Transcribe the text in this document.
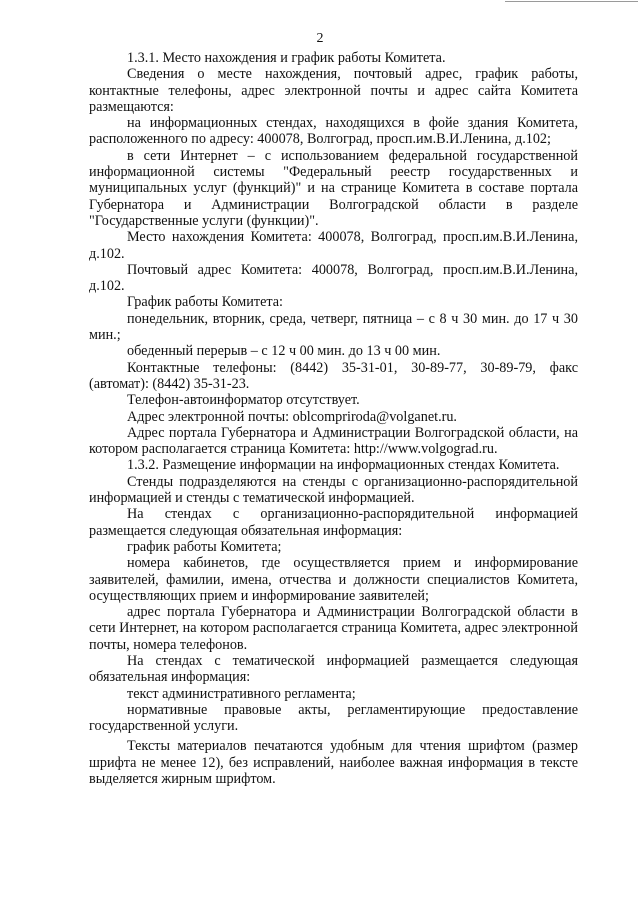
2

1.3.1. Место нахождения и график работы Комитета.

Сведения о месте нахождения, почтовый адрес, график работы, контактные телефоны, адрес электронной почты и адрес сайта Комитета размещаются:

на информационных стендах, находящихся в фойе здания Комитета, расположенного по адресу: 400078, Волгоград, просп.им.В.И.Ленина, д.102;

в сети Интернет – с использованием федеральной государственной информационной системы "Федеральный реестр государственных и муниципальных услуг (функций)" и на странице Комитета в составе портала Губернатора и Администрации Волгоградской области в разделе "Государственные услуги (функции)".

Место нахождения Комитета: 400078, Волгоград, просп.им.В.И.Ленина, д.102.

Почтовый адрес Комитета: 400078, Волгоград, просп.им.В.И.Ленина, д.102.

График работы Комитета:

понедельник, вторник, среда, четверг, пятница – с 8 ч 30 мин. до 17 ч 30 мин.;

обеденный перерыв – с 12 ч 00 мин. до 13 ч 00 мин.

Контактные телефоны: (8442) 35-31-01, 30-89-77, 30-89-79, факс (автомат): (8442) 35-31-23.

Телефон-автоинформатор отсутствует.

Адрес электронной почты: oblcompriroda@volganet.ru.

Адрес портала Губернатора и Администрации Волгоградской области, на котором располагается страница Комитета: http://www.volgograd.ru.

1.3.2. Размещение информации на информационных стендах Комитета.

Стенды подразделяются на стенды с организационно-распорядительной информацией и стенды с тематической информацией.

На стендах с организационно-распорядительной информацией размещается следующая обязательная информация:

график работы Комитета;

номера кабинетов, где осуществляется прием и информирование заявителей, фамилии, имена, отчества и должности специалистов Комитета, осуществляющих прием и информирование заявителей;

адрес портала Губернатора и Администрации Волгоградской области в сети Интернет, на котором располагается страница Комитета, адрес электронной почты, номера телефонов.

На стендах с тематической информацией размещается следующая обязательная информация:

текст административного регламента;

нормативные правовые акты, регламентирующие предоставление государственной услуги.

Тексты материалов печатаются удобным для чтения шрифтом (размер шрифта не менее 12), без исправлений, наиболее важная информация в тексте выделяется жирным шрифтом.
